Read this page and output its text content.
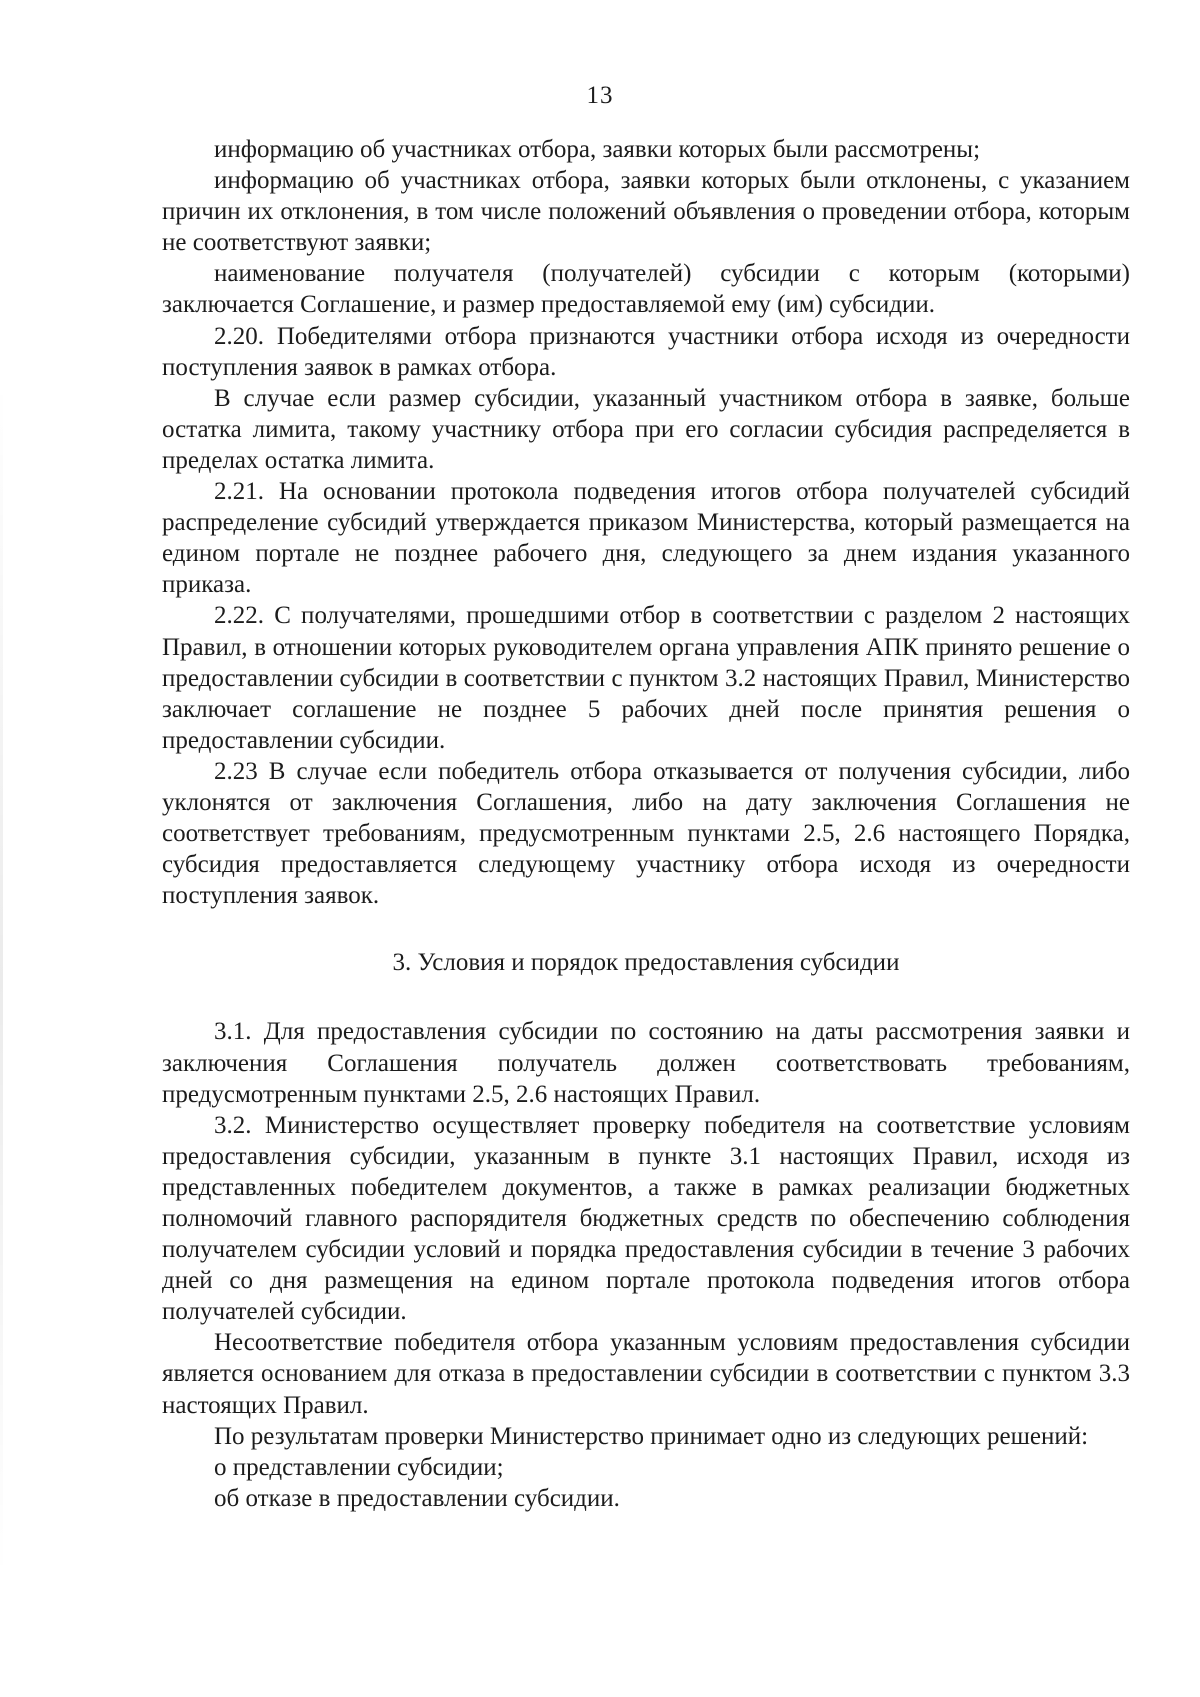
13

информацию об участниках отбора, заявки которых были рассмотрены;

информацию об участниках отбора, заявки которых были отклонены, с указанием причин их отклонения, в том числе положений объявления о проведении отбора, которым не соответствуют заявки;

наименование получателя (получателей) субсидии с которым (которыми) заключается Соглашение, и размер предоставляемой ему (им) субсидии.

2.20. Победителями отбора признаются участники отбора исходя из очередности поступления заявок в рамках отбора.

В случае если размер субсидии, указанный участником отбора в заявке, больше остатка лимита, такому участнику отбора при его согласии субсидия распределяется в пределах остатка лимита.

2.21. На основании протокола подведения итогов отбора получателей субсидий распределение субсидий утверждается приказом Министерства, который размещается на едином портале не позднее рабочего дня, следующего за днем издания указанного приказа.

2.22. С получателями, прошедшими отбор в соответствии с разделом 2 настоящих Правил, в отношении которых руководителем органа управления АПК принято решение о предоставлении субсидии в соответствии с пунктом 3.2 настоящих Правил, Министерство заключает соглашение не позднее 5 рабочих дней после принятия решения о предоставлении субсидии.

2.23 В случае если победитель отбора отказывается от получения субсидии, либо уклонятся от заключения Соглашения, либо на дату заключения Соглашения не соответствует требованиям, предусмотренным пунктами 2.5, 2.6 настоящего Порядка, субсидия предоставляется следующему участнику отбора исходя из очередности поступления заявок.

3. Условия и порядок предоставления субсидии

3.1. Для предоставления субсидии по состоянию на даты рассмотрения заявки и заключения Соглашения получатель должен соответствовать требованиям, предусмотренным пунктами 2.5, 2.6 настоящих Правил.

3.2. Министерство осуществляет проверку победителя на соответствие условиям предоставления субсидии, указанным в пункте 3.1 настоящих Правил, исходя из представленных победителем документов, а также в рамках реализации бюджетных полномочий главного распорядителя бюджетных средств по обеспечению соблюдения получателем субсидии условий и порядка предоставления субсидии в течение 3 рабочих дней со дня размещения на едином портале протокола подведения итогов отбора получателей субсидии.

Несоответствие победителя отбора указанным условиям предоставления субсидии является основанием для отказа в предоставлении субсидии в соответствии с пунктом 3.3 настоящих Правил.

По результатам проверки Министерство принимает одно из следующих решений:

о представлении субсидии;

об отказе в предоставлении субсидии.
